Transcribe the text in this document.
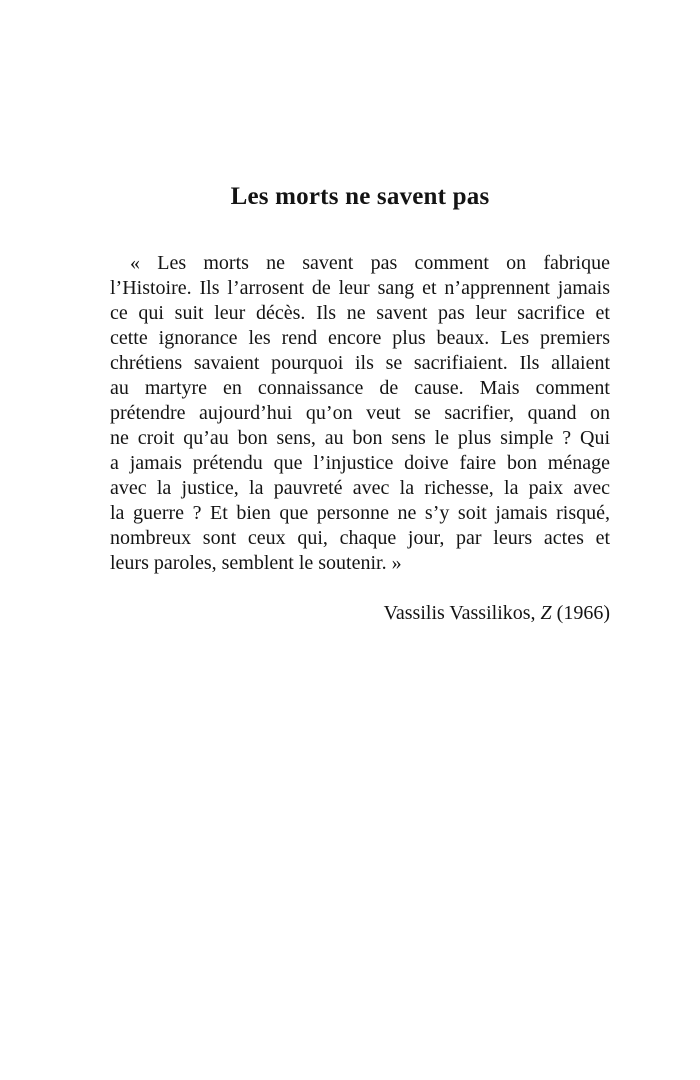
Les morts ne savent pas
« Les morts ne savent pas comment on fabrique
l’Histoire. Ils l’arrosent de leur sang et n’apprennent jamais
ce qui suit leur décès. Ils ne savent pas leur sacrifice et
cette ignorance les rend encore plus beaux. Les premiers
chrétiens savaient pourquoi ils se sacrifiaient. Ils allaient
au martyre en connaissance de cause. Mais comment
prétendre aujourd’hui qu’on veut se sacrifier, quand on
ne croit qu’au bon sens, au bon sens le plus simple ? Qui
a jamais prétendu que l’injustice doive faire bon ménage
avec la justice, la pauvreté avec la richesse, la paix avec
la guerre ? Et bien que personne ne s’y soit jamais risqué,
nombreux sont ceux qui, chaque jour, par leurs actes et
leurs paroles, semblent le soutenir. »
Vassilis Vassilikos, Z (1966)
